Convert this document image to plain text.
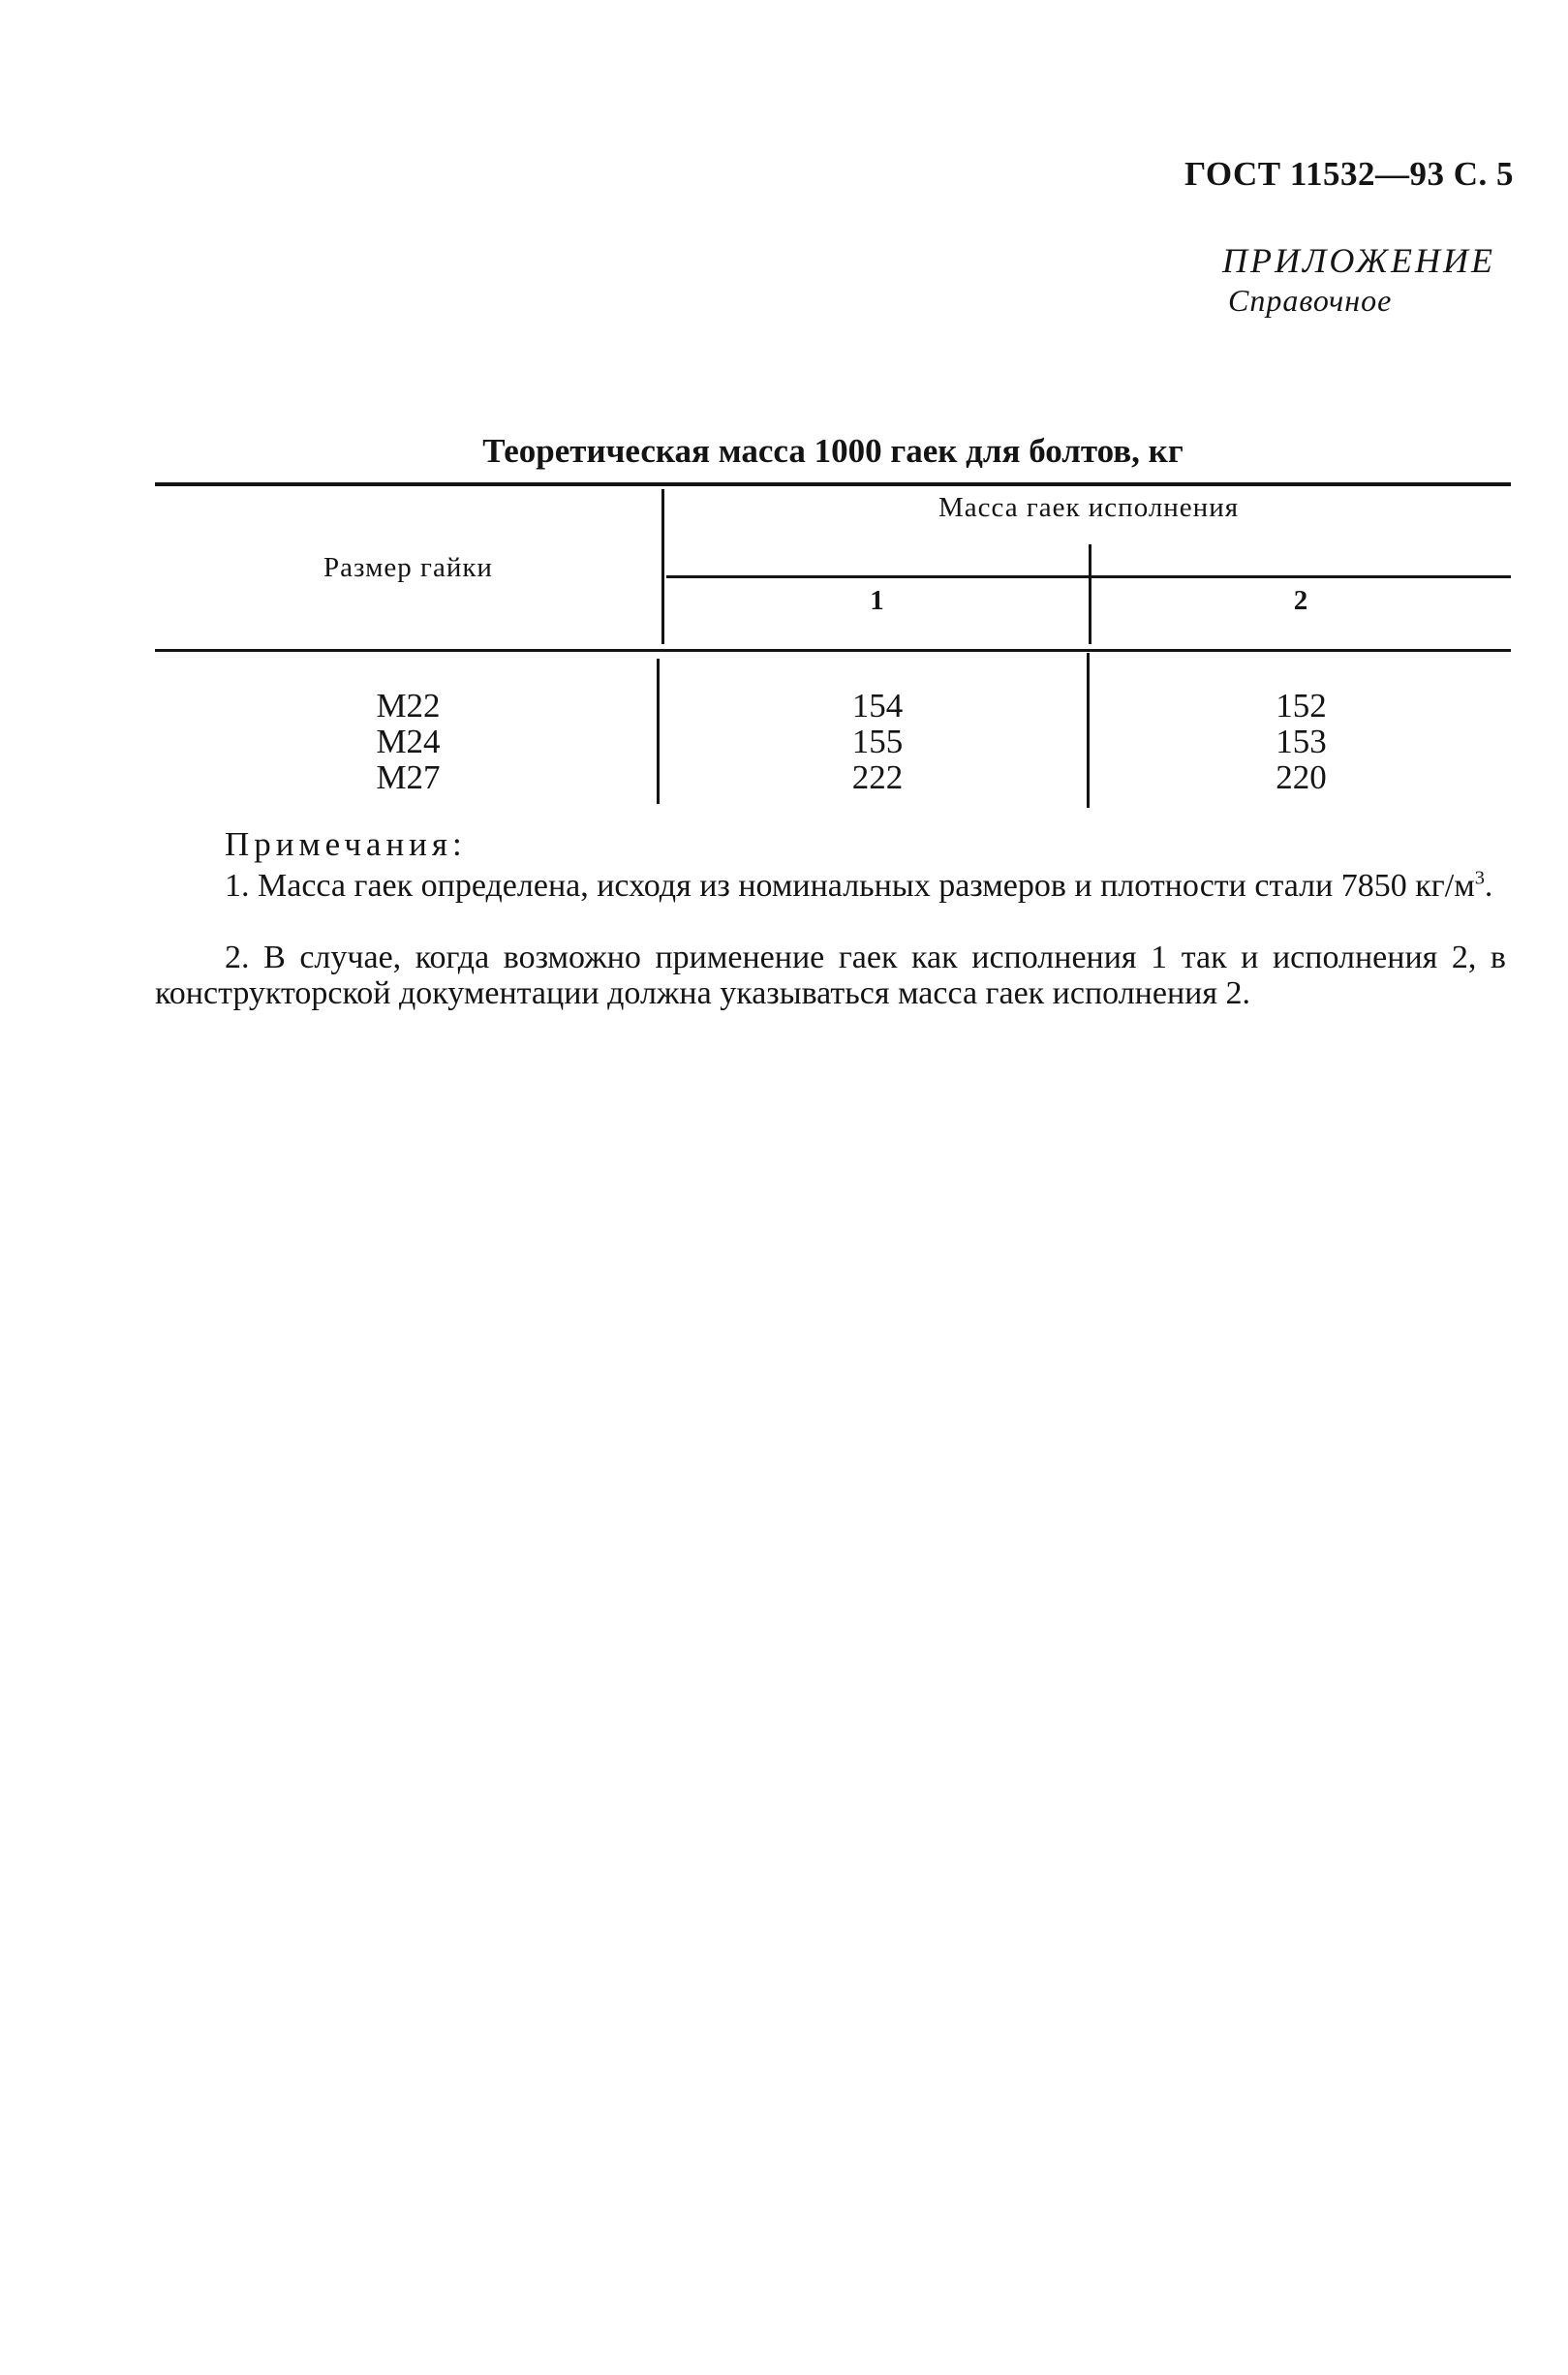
ГОСТ 11532—93 С. 5
ПРИЛОЖЕНИЕ
Справочное
Теоретическая масса 1000 гаек для болтов, кг
Размер гайки
Масса гаек исполнения
1	2
М22
М24
М27
154
155
222
152
153
220
Примечания:
1. Масса гаек определена, исходя из номинальных размеров и плотности стали 7850 $кг/м^3$.
2. В случае, когда возможно применение гаек как исполнения 1 так и исполнения 2, в конструкторской документации должна указываться масса гаек исполнения 2.
